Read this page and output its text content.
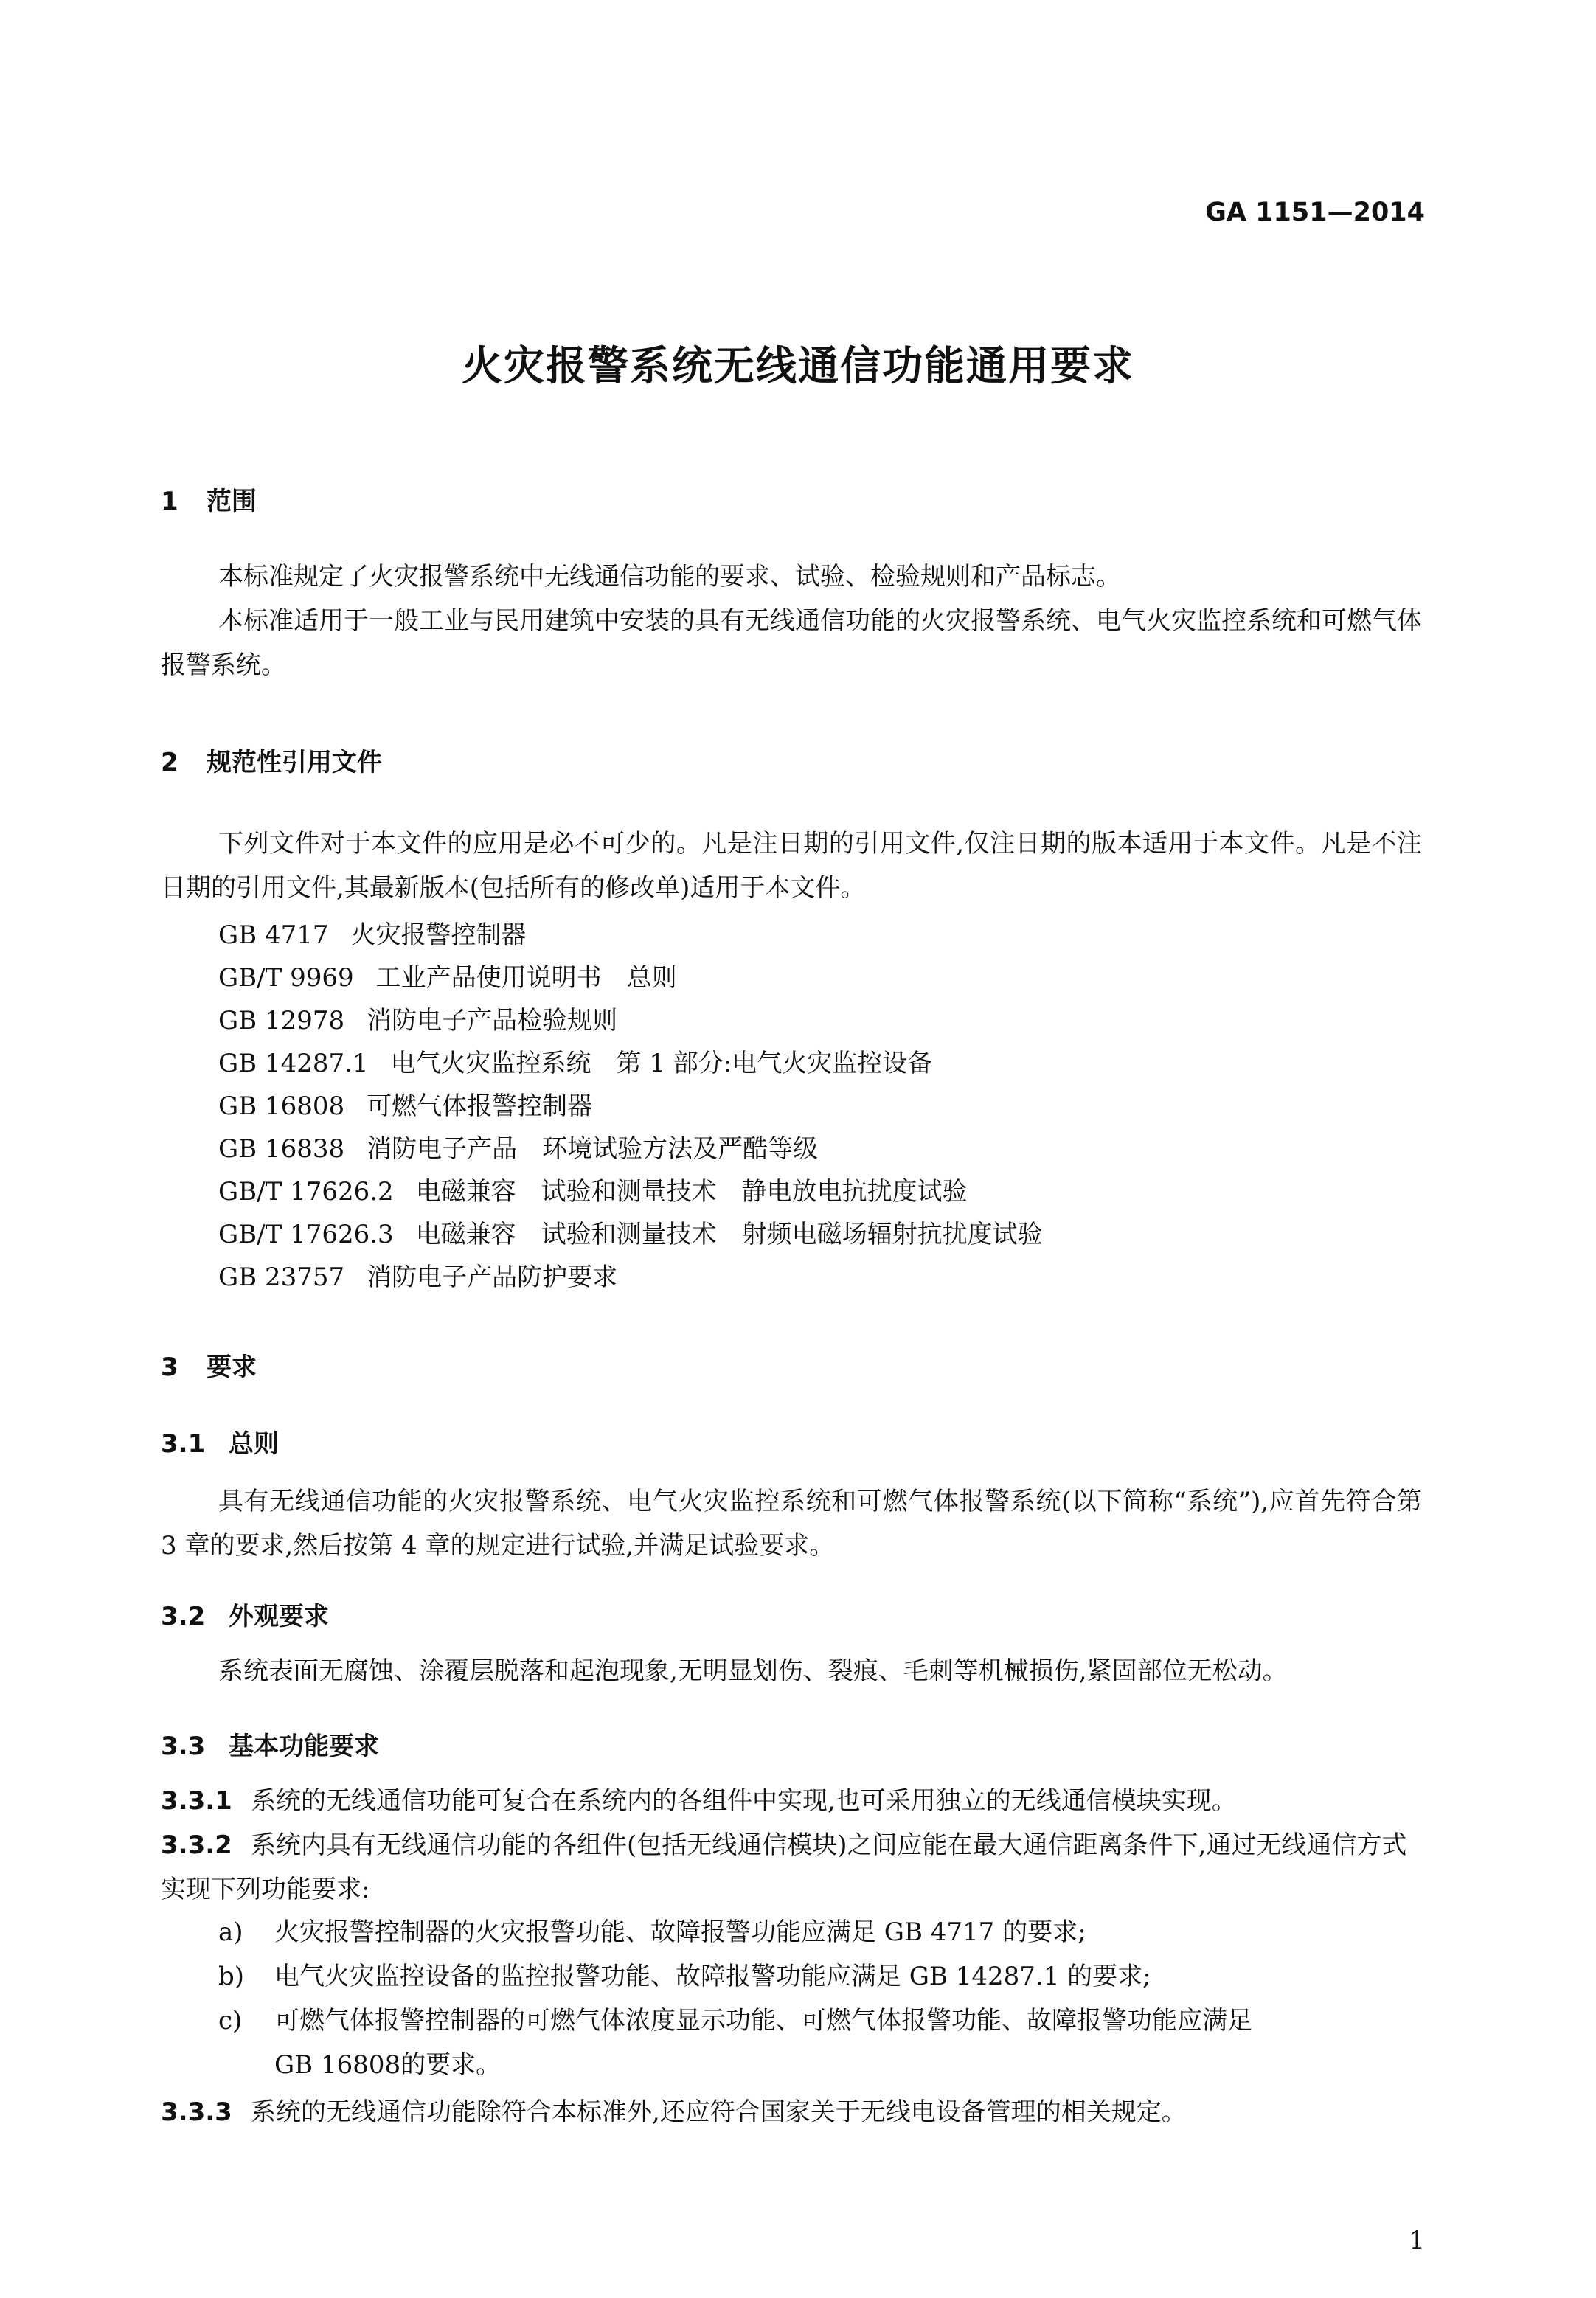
GA 1151—2014
火灾报警系统无线通信功能通用要求
1 范围
本标准规定了火灾报警系统中无线通信功能的要求、试验、检验规则和产品标志。
本标准适用于一般工业与民用建筑中安装的具有无线通信功能的火灾报警系统、电气火灾监控系统和可燃气体报警系统。
2 规范性引用文件
下列文件对于本文件的应用是必不可少的。凡是注日期的引用文件,仅注日期的版本适用于本文件。凡是不注日期的引用文件,其最新版本(包括所有的修改单)适用于本文件。
GB 4717 火灾报警控制器
GB/T 9969 工业产品使用说明书　总则
GB 12978 消防电子产品检验规则
GB 14287.1 电气火灾监控系统　第 1 部分:电气火灾监控设备
GB 16808 可燃气体报警控制器
GB 16838 消防电子产品　环境试验方法及严酷等级
GB/T 17626.2 电磁兼容　试验和测量技术　静电放电抗扰度试验
GB/T 17626.3 电磁兼容　试验和测量技术　射频电磁场辐射抗扰度试验
GB 23757 消防电子产品防护要求
3 要求
3.1 总则
具有无线通信功能的火灾报警系统、电气火灾监控系统和可燃气体报警系统(以下简称“系统”),应首先符合第 3 章的要求,然后按第 4 章的规定进行试验,并满足试验要求。
3.2 外观要求
系统表面无腐蚀、涂覆层脱落和起泡现象,无明显划伤、裂痕、毛刺等机械损伤,紧固部位无松动。
3.3 基本功能要求
3.3.1 系统的无线通信功能可复合在系统内的各组件中实现,也可采用独立的无线通信模块实现。
3.3.2 系统内具有无线通信功能的各组件(包括无线通信模块)之间应能在最大通信距离条件下,通过无线通信方式实现下列功能要求:
a) 火灾报警控制器的火灾报警功能、故障报警功能应满足 GB 4717 的要求;
b) 电气火灾监控设备的监控报警功能、故障报警功能应满足 GB 14287.1 的要求;
c) 可燃气体报警控制器的可燃气体浓度显示功能、可燃气体报警功能、故障报警功能应满足
GB 16808的要求。
3.3.3 系统的无线通信功能除符合本标准外,还应符合国家关于无线电设备管理的相关规定。
1
